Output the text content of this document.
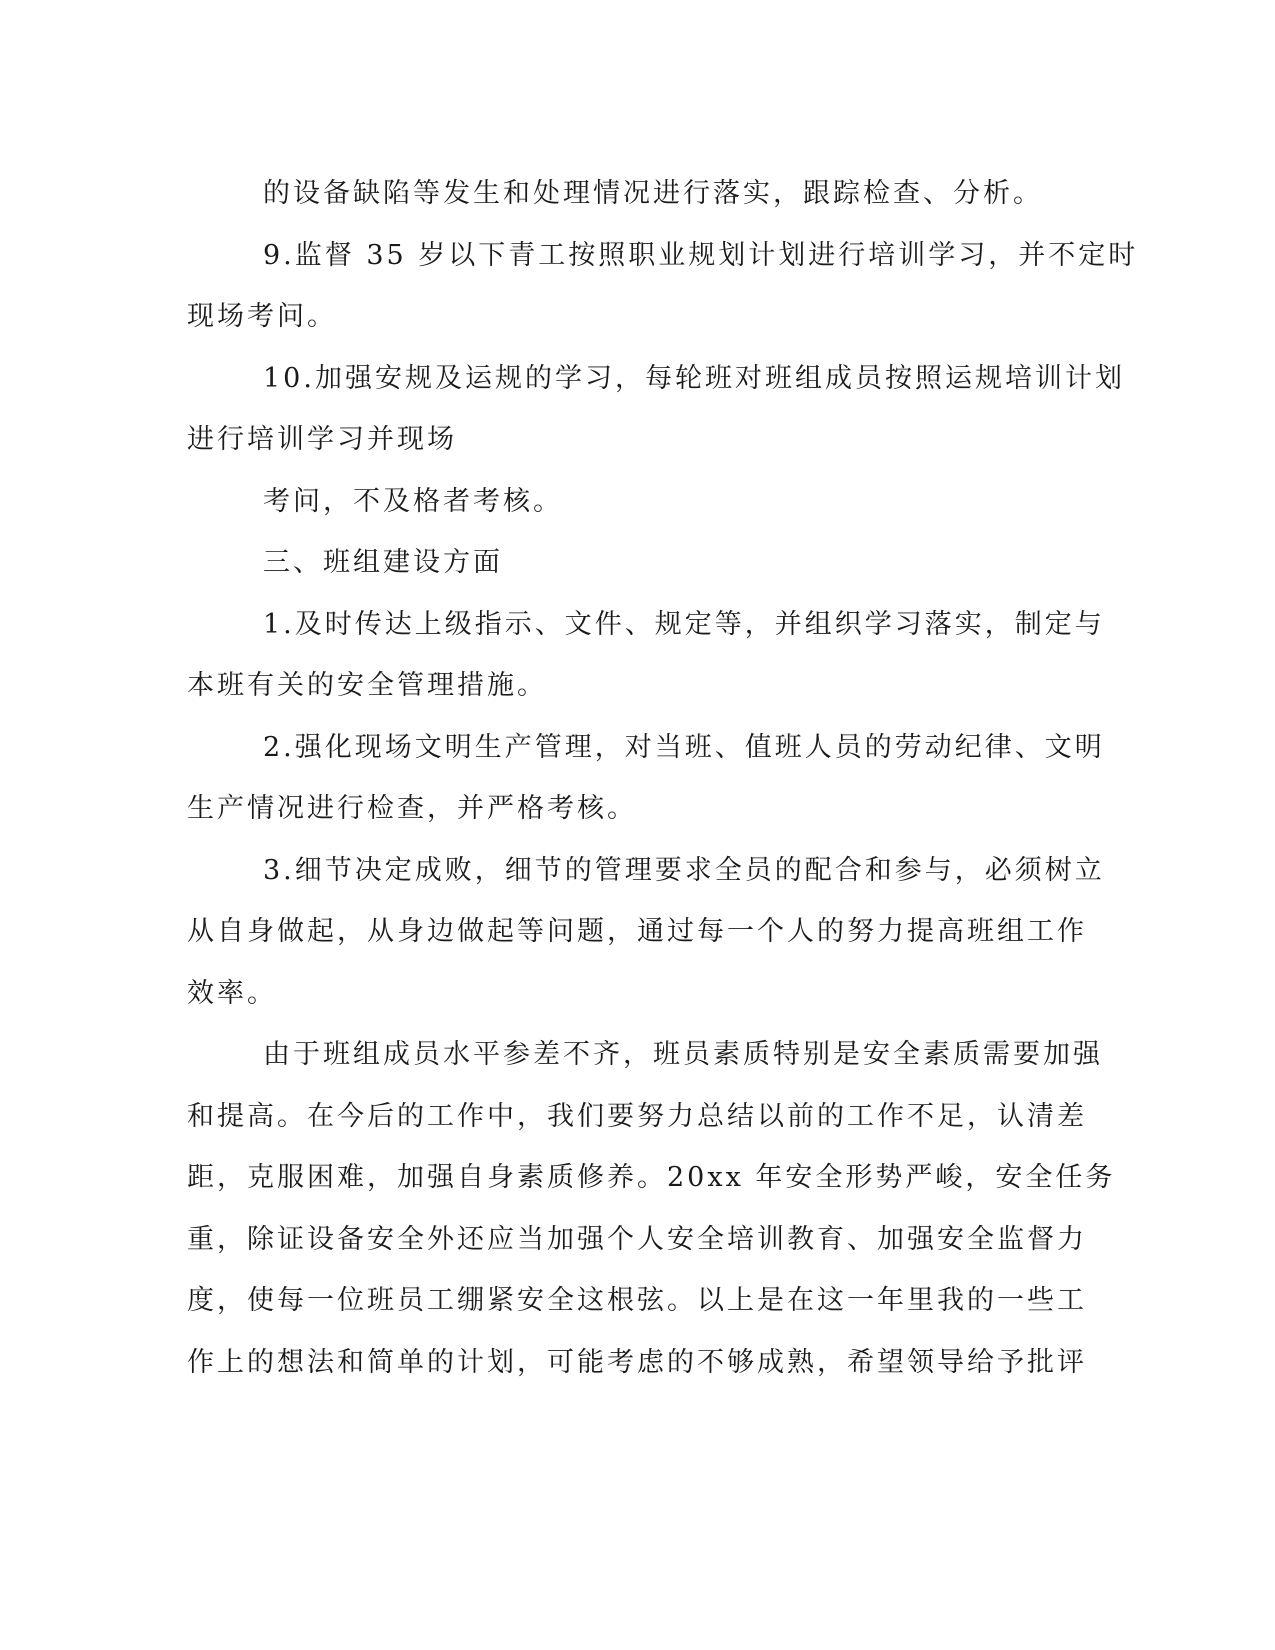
的设备缺陷等发生和处理情况进行落实，跟踪检查、分析。
9.监督 35 岁以下青工按照职业规划计划进行培训学习，并不定时
现场考问。
10.加强安规及运规的学习，每轮班对班组成员按照运规培训计划
进行培训学习并现场
考问，不及格者考核。
三、班组建设方面
1.及时传达上级指示、文件、规定等，并组织学习落实，制定与
本班有关的安全管理措施。
2.强化现场文明生产管理，对当班、值班人员的劳动纪律、文明
生产情况进行检查，并严格考核。
3.细节决定成败，细节的管理要求全员的配合和参与，必须树立
从自身做起，从身边做起等问题，通过每一个人的努力提高班组工作
效率。
由于班组成员水平参差不齐，班员素质特别是安全素质需要加强
和提高。在今后的工作中，我们要努力总结以前的工作不足，认清差
距，克服困难，加强自身素质修养。20xx 年安全形势严峻，安全任务
重，除证设备安全外还应当加强个人安全培训教育、加强安全监督力
度，使每一位班员工绷紧安全这根弦。以上是在这一年里我的一些工
作上的想法和简单的计划，可能考虑的不够成熟，希望领导给予批评
